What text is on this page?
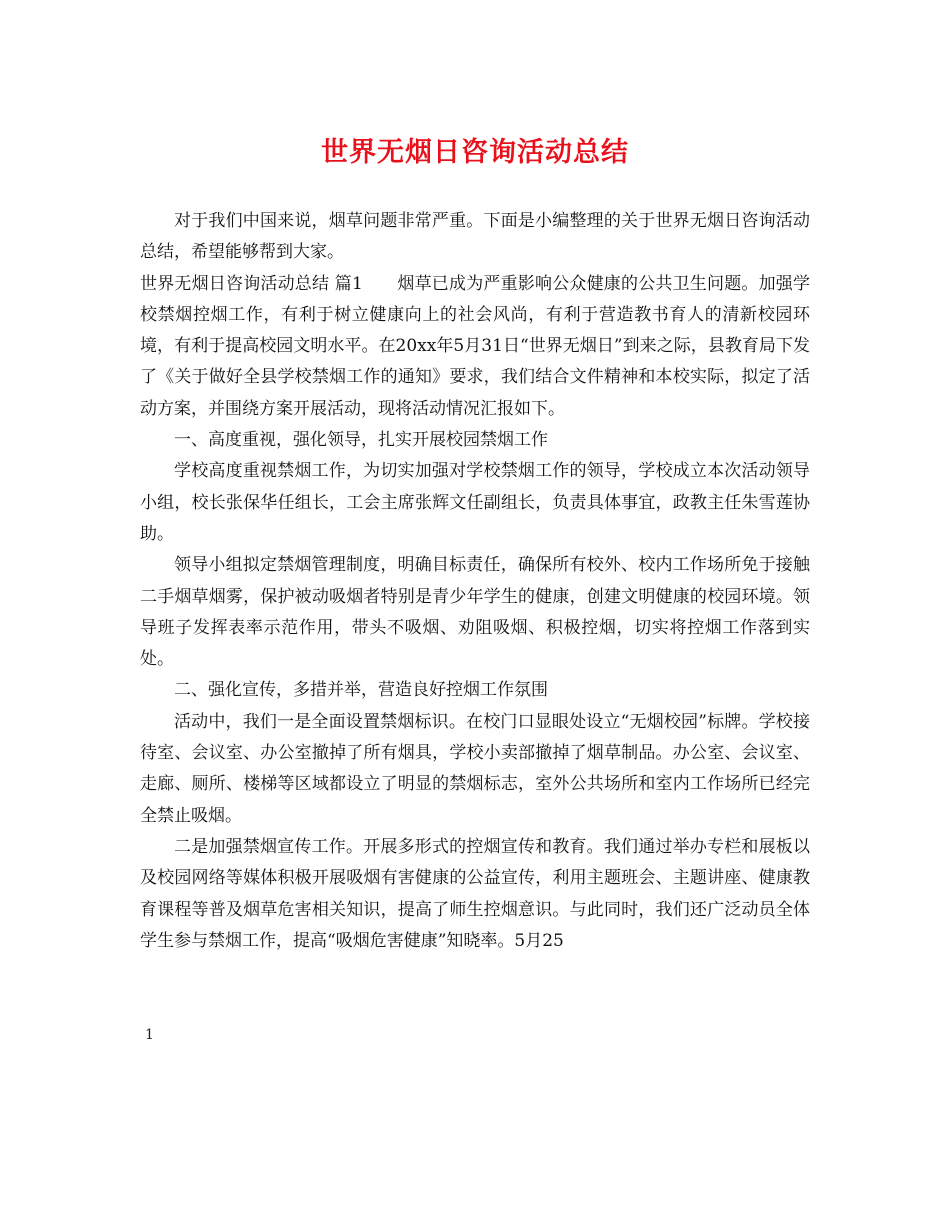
世界无烟日咨询活动总结

对于我们中国来说，烟草问题非常严重。下面是小编整理的关于世界无烟日咨询活动总结，希望能够帮到大家。

世界无烟日咨询活动总结 篇1　　烟草已成为严重影响公众健康的公共卫生问题。加强学校禁烟控烟工作，有利于树立健康向上的社会风尚，有利于营造教书育人的清新校园环境，有利于提高校园文明水平。在20xx年5月31日“世界无烟日”到来之际，县教育局下发了《关于做好全县学校禁烟工作的通知》要求，我们结合文件精神和本校实际，拟定了活动方案，并围绕方案开展活动，现将活动情况汇报如下。

一、高度重视，强化领导，扎实开展校园禁烟工作

学校高度重视禁烟工作，为切实加强对学校禁烟工作的领导，学校成立本次活动领导小组，校长张保华任组长，工会主席张辉文任副组长，负责具体事宜，政教主任朱雪莲协助。

领导小组拟定禁烟管理制度，明确目标责任，确保所有校外、校内工作场所免于接触二手烟草烟雾，保护被动吸烟者特别是青少年学生的健康，创建文明健康的校园环境。领导班子发挥表率示范作用，带头不吸烟、劝阻吸烟、积极控烟，切实将控烟工作落到实处。

二、强化宣传，多措并举，营造良好控烟工作氛围

活动中，我们一是全面设置禁烟标识。在校门口显眼处设立“无烟校园”标牌。学校接待室、会议室、办公室撤掉了所有烟具，学校小卖部撤掉了烟草制品。办公室、会议室、走廊、厕所、楼梯等区域都设立了明显的禁烟标志，室外公共场所和室内工作场所已经完全禁止吸烟。

二是加强禁烟宣传工作。开展多形式的控烟宣传和教育。我们通过举办专栏和展板以及校园网络等媒体积极开展吸烟有害健康的公益宣传，利用主题班会、主题讲座、健康教育课程等普及烟草危害相关知识，提高了师生控烟意识。与此同时，我们还广泛动员全体学生参与禁烟工作，提高“吸烟危害健康”知晓率。5月25

1
